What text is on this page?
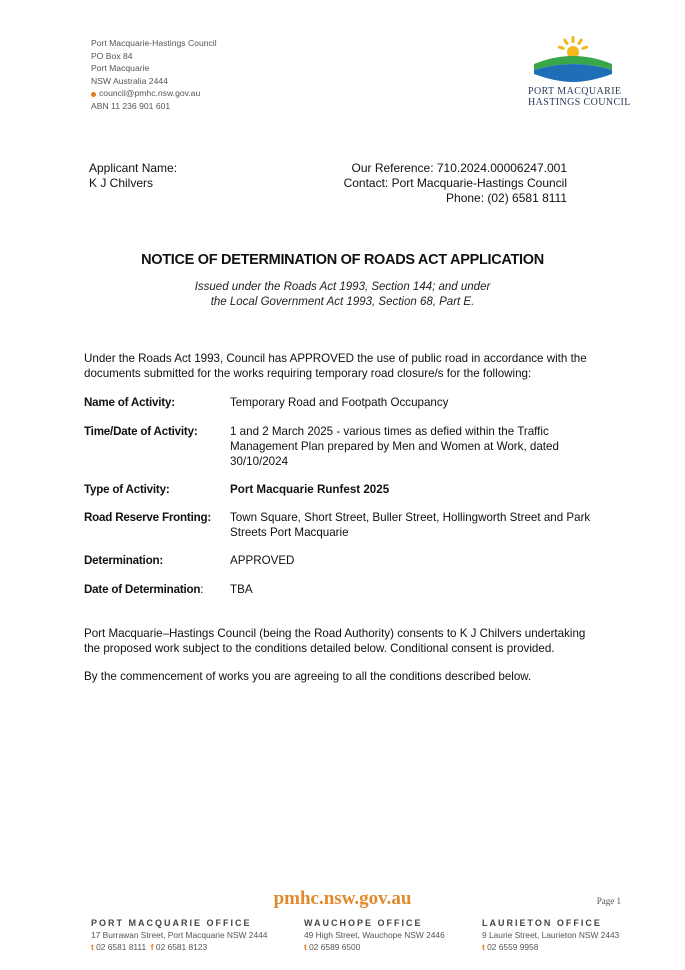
Port Macquarie-Hastings Council
PO Box 84
Port Macquarie
NSW Australia 2444
council@pmhc.nsw.gov.au
ABN 11 236 901 601
PORT MACQUARIE
HASTINGS COUNCIL
Applicant Name:
K J Chilvers
Our Reference: 710.2024.00006247.001
Contact: Port Macquarie-Hastings Council
Phone: (02) 6581 8111
NOTICE OF DETERMINATION OF ROADS ACT APPLICATION
Issued under the Roads Act 1993, Section 144; and under
the Local Government Act 1993, Section 68, Part E.
Under the Roads Act 1993, Council has APPROVED the use of public road in accordance with the
documents submitted for the works requiring temporary road closure/s for the following:
Name of Activity:	Temporary Road and Footpath Occupancy
Time/Date of Activity:	1 and 2 March 2025 - various times as defied within the Traffic
Management Plan prepared by Men and Women at Work, dated
30/10/2024
Type of Activity:	Port Macquarie Runfest 2025
Road Reserve Fronting: Town Square, Short Street, Buller Street, Hollingworth Street and Park
Streets Port Macquarie
Determination:	APPROVED
Date of Determination: TBA
Port Macquarie–Hastings Council (being the Road Authority) consents to K J Chilvers undertaking
the proposed work subject to the conditions detailed below. Conditional consent is provided.
By the commencement of works you are agreeing to all the conditions described below.
pmhc.nsw.gov.au	Page 1
PORT MACQUARIE OFFICE
17 Burrawan Street, Port Macquarie NSW 2444
t 02 6581 8111 f 02 6581 8123
WAUCHOPE OFFICE
49 High Street, Wauchope NSW 2446
t 02 6589 6500
LAURIETON OFFICE
9 Laurie Street, Laurieton NSW 2443
t 02 6559 9958
